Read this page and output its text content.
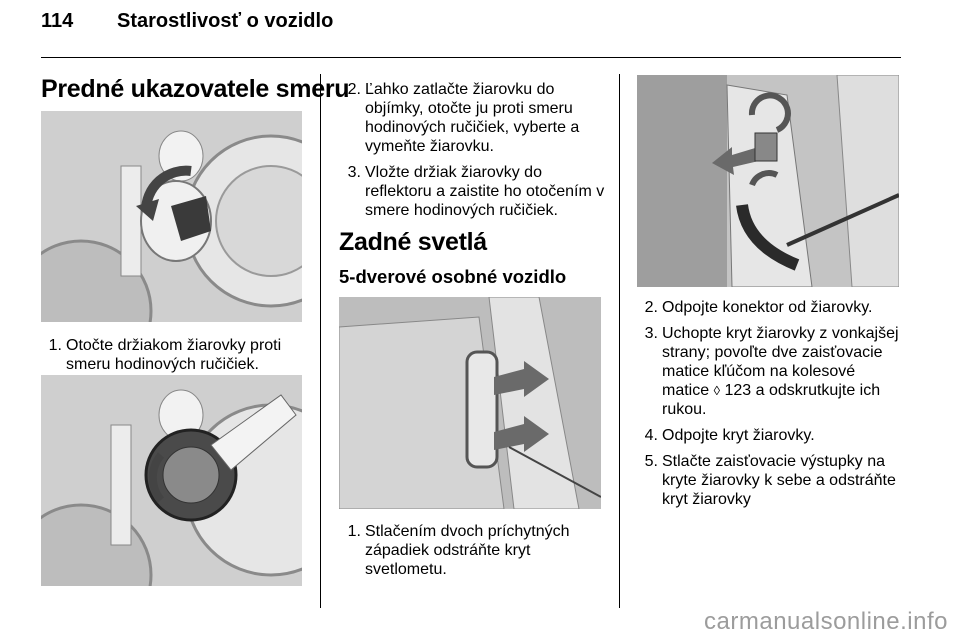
114 Starostlivosť o vozidlo
Predné ukazovatele smeru
1. Otočte držiakom žiarovky proti smeru hodinových ručičiek.
2. Ľahko zatlačte žiarovku do objímky, otočte ju proti smeru hodinových ručičiek, vyberte a vymeňte žiarovku.
3. Vložte držiak žiarovky do reflektoru a zaistite ho otočením v smere hodinových ručičiek.
Zadné svetlá
5-dverové osobné vozidlo
1. Stlačením dvoch príchytných západiek odstráňte kryt svetlometu.
2. Odpojte konektor od žiarovky.
3. Uchopte kryt žiarovky z vonkajšej strany; povoľte dve zaisťovacie matice kľúčom na kolesové matice ◊ 123 a odskrutkujte ich rukou.
4. Odpojte kryt žiarovky.
5. Stlačte zaisťovacie výstupky na kryte žiarovky k sebe a odstráňte kryt žiarovky
carmanualsonline.info
